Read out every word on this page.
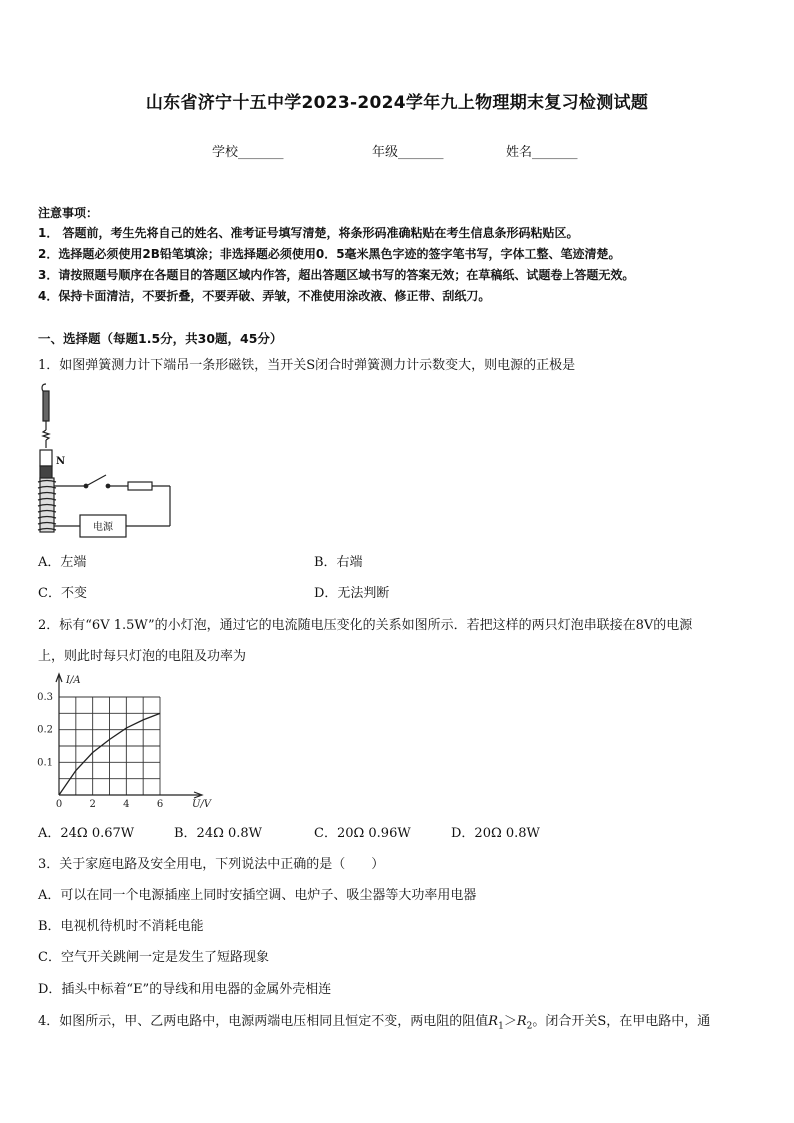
山东省济宁十五中学2023-2024学年九上物理期末复习检测试题
学校_______	年级_______	姓名_______
注意事项：
1． 答题前，考生先将自己的姓名、准考证号填写清楚，将条形码准确粘贴在考生信息条形码粘贴区。
2．选择题必须使用2B铅笔填涂；非选择题必须使用0．5毫米黑色字迹的签字笔书写，字体工整、笔迹清楚。
3．请按照题号顺序在各题目的答题区域内作答，超出答题区域书写的答案无效；在草稿纸、试题卷上答题无效。
4．保持卡面清洁，不要折叠，不要弄破、弄皱，不准使用涂改液、修正带、刮纸刀。
一、选择题（每题1.5分，共30题，45分）
1．如图弹簧测力计下端吊一条形磁铁，当开关S闭合时弹簧测力计示数变大，则电源的正极是
N
电源
A．左端	B．右端
C．不变	D．无法判断
2．标有“6V 1.5W”的小灯泡，通过它的电流随电压变化的关系如图所示．若把这样的两只灯泡串联接在8V的电源
上，则此时每只灯泡的电阻及功率为
0	2	4	6
0.1
0.2
0.3
I/A
U/V
A．24Ω 0.67W	B．24Ω 0.8W	C．20Ω 0.96W	D．20Ω 0.8W
3．关于家庭电路及安全用电，下列说法中正确的是（　　）
A．可以在同一个电源插座上同时安插空调、电炉子、吸尘器等大功率用电器
B．电视机待机时不消耗电能
C．空气开关跳闸一定是发生了短路现象
D．插头中标着“E”的导线和用电器的金属外壳相连
4．如图所示，甲、乙两电路中，电源两端电压相同且恒定不变，两电阻的阻值$R_1>R_2$。闭合开关S，在甲电路中，通
